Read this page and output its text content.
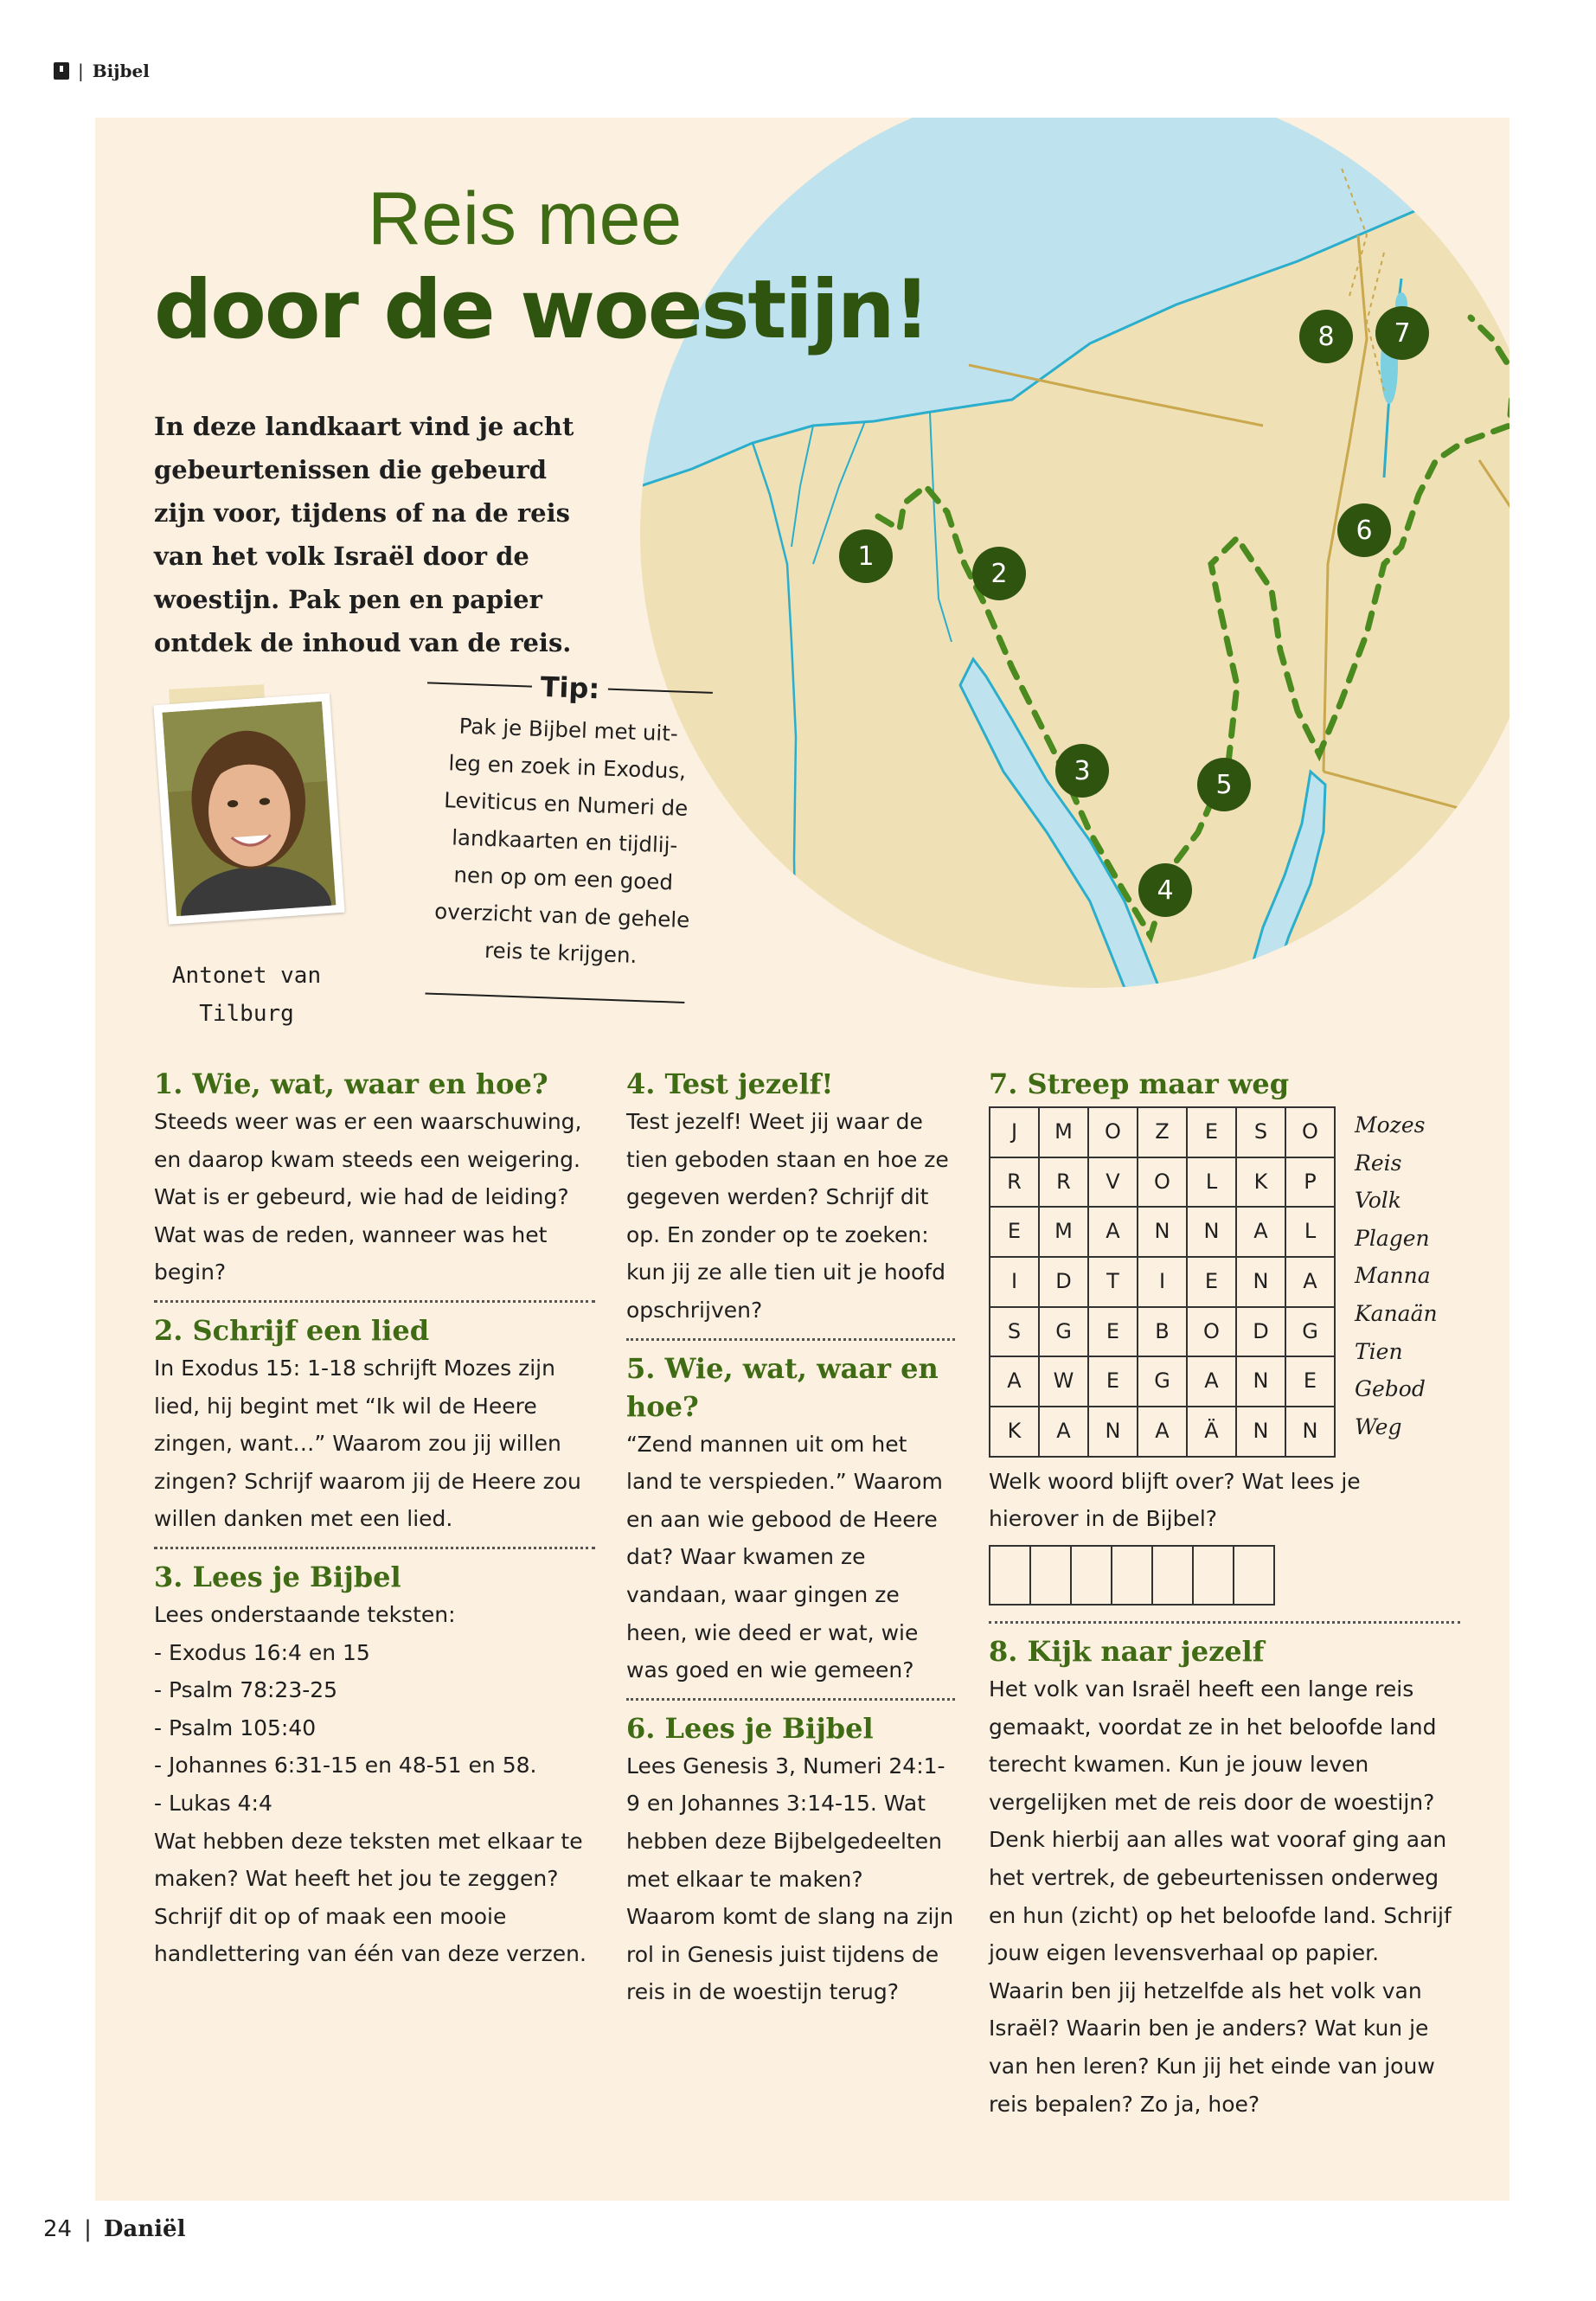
| Bijbel
Reis mee
door de woestijn!
In deze landkaart vind je acht gebeurtenissen die gebeurd zijn voor, tijdens of na de reis van het volk Israël door de woestijn. Pak pen en papier ontdek de inhoud van de reis.
Antonet van
Tilburg
Tip:
Pak je Bijbel met uit-
leg en zoek in Exodus,
Leviticus en Numeri de
landkaarten en tijdlij-
nen op om een goed
overzicht van de gehele
reis te krijgen.
1
2
3
4
5
6
7
8
1. Wie, wat, waar en hoe?

Steeds weer was er een waarschuwing, en daarop kwam steeds een weigering. Wat is er gebeurd, wie had de leiding? Wat was de reden, wanneer was het begin?

2. Schrijf een lied

In Exodus 15: 1-18 schrijft Mozes zijn lied, hij begint met “Ik wil de Heere zingen, want…” Waarom zou jij willen zingen? Schrijf waarom jij de Heere zou willen danken met een lied.

3. Lees je Bijbel

Lees onderstaande teksten:

- Exodus 16:4 en 15

- Psalm 78:23-25

- Psalm 105:40

- Johannes 6:31-15 en 48-51 en 58.

- Lukas 4:4

Wat hebben deze teksten met elkaar te maken? Wat heeft het jou te zeggen? Schrijf dit op of maak een mooie handlettering van één van deze verzen.

4. Test jezelf!

Test jezelf! Weet jij waar de tien geboden staan en hoe ze gegeven werden? Schrijf dit op. En zonder op te zoeken: kun jij ze alle tien uit je hoofd opschrijven?

5. Wie, wat, waar en hoe?

“Zend mannen uit om het land te verspieden.” Waarom en aan wie gebood de Heere dat? Waar kwamen ze vandaan, waar gingen ze heen, wie deed er wat, wie was goed en wie gemeen?

6. Lees je Bijbel

Lees Genesis 3, Numeri 24:1-9 en Johannes 3:14-15. Wat hebben deze Bijbelgedeelten met elkaar te maken? Waarom komt de slang na zijn rol in Genesis juist tijdens de reis in de woestijn terug?

7. Streep maar weg
J	M	O	Z	E	S	O
R	R	V	O	L	K	P
E	M	A	N	N	A	L
I	D	T	I	E	N	A
S	G	E	B	O	D	G
A	W	E	G	A	N	E
K	A	N	A	Ä	N	N
Mozes
Reis
Volk
Plagen
Manna
Kanaän
Tien
Gebod
Weg

Welk woord blijft over? Wat lees je hierover in de Bijbel?

8. Kijk naar jezelf

Het volk van Israël heeft een lange reis gemaakt, voordat ze in het beloofde land terecht kwamen. Kun je jouw leven vergelijken met de reis door de woestijn? Denk hierbij aan alles wat vooraf ging aan het vertrek, de gebeurtenissen onderweg en hun (zicht) op het beloofde land. Schrijf jouw eigen levensverhaal op papier. Waarin ben jij hetzelfde als het volk van Israël? Waarin ben je anders? Wat kun je van hen leren? Kun jij het einde van jouw reis bepalen? Zo ja, hoe?

24 | Daniël
